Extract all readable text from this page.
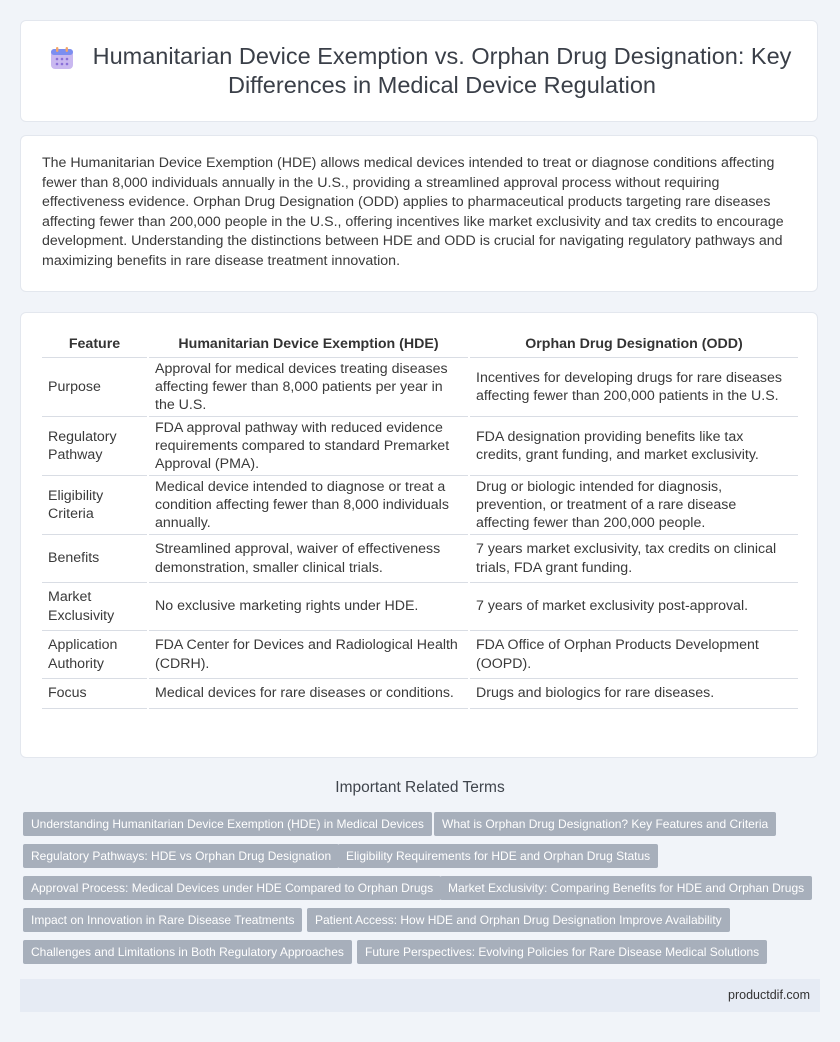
Humanitarian Device Exemption vs. Orphan Drug Designation: Key Differences in Medical Device Regulation

The Humanitarian Device Exemption (HDE) allows medical devices intended to treat or diagnose conditions affecting fewer than 8,000 individuals annually in the U.S., providing a streamlined approval process without requiring effectiveness evidence. Orphan Drug Designation (ODD) applies to pharmaceutical products targeting rare diseases affecting fewer than 200,000 people in the U.S., offering incentives like market exclusivity and tax credits to encourage development. Understanding the distinctions between HDE and ODD is crucial for navigating regulatory pathways and maximizing benefits in rare disease treatment innovation.

Feature	Humanitarian Device Exemption (HDE)	Orphan Drug Designation (ODD)
Purpose	Approval for medical devices treating diseases affecting fewer than 8,000 patients per year in the U.S.	Incentives for developing drugs for rare diseases affecting fewer than 200,000 patients in the U.S.
Regulatory Pathway	FDA approval pathway with reduced evidence requirements compared to standard Premarket Approval (PMA).	FDA designation providing benefits like tax credits, grant funding, and market exclusivity.
Eligibility Criteria	Medical device intended to diagnose or treat a condition affecting fewer than 8,000 individuals annually.	Drug or biologic intended for diagnosis, prevention, or treatment of a rare disease affecting fewer than 200,000 people.
Benefits	Streamlined approval, waiver of effectiveness demonstration, smaller clinical trials.	7 years market exclusivity, tax credits on clinical trials, FDA grant funding.
Market Exclusivity	No exclusive marketing rights under HDE.	7 years of market exclusivity post-approval.
Application Authority	FDA Center for Devices and Radiological Health (CDRH).	FDA Office of Orphan Products Development (OOPD).
Focus	Medical devices for rare diseases or conditions.	Drugs and biologics for rare diseases.
Important Related Terms
Understanding Humanitarian Device Exemption (HDE) in Medical Devices	What is Orphan Drug Designation? Key Features and Criteria
Regulatory Pathways: HDE vs Orphan Drug Designation	Eligibility Requirements for HDE and Orphan Drug Status
Approval Process: Medical Devices under HDE Compared to Orphan Drugs	Market Exclusivity: Comparing Benefits for HDE and Orphan Drugs
Impact on Innovation in Rare Disease Treatments	Patient Access: How HDE and Orphan Drug Designation Improve Availability
Challenges and Limitations in Both Regulatory Approaches	Future Perspectives: Evolving Policies for Rare Disease Medical Solutions
productdif.com
